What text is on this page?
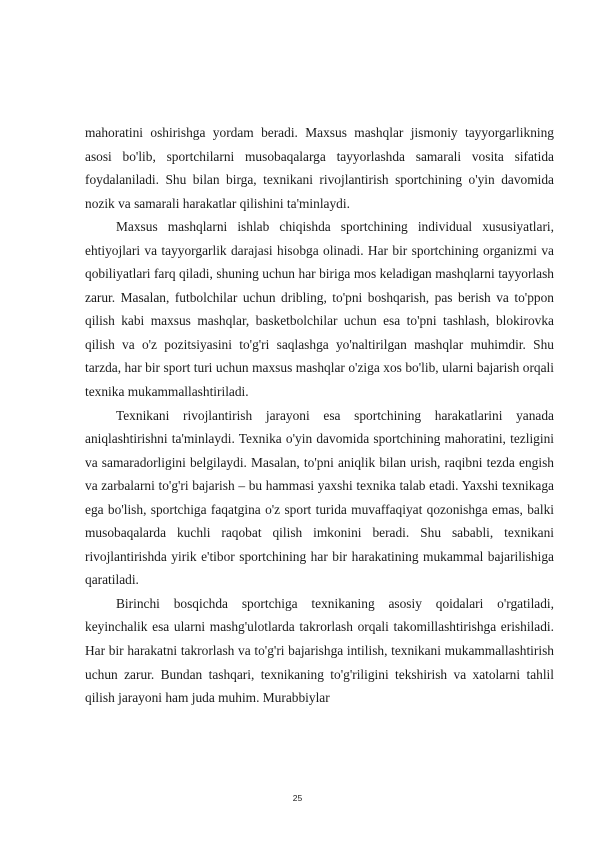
mahoratini oshirishga yordam beradi. Maxsus mashqlar jismoniy tayyorgarlikning asosi bo'lib, sportchilarni musobaqalarga tayyorlashda samarali vosita sifatida foydalaniladi. Shu bilan birga, texnikani rivojlantirish sportchining o'yin davomida nozik va samarali harakatlar qilishini ta'minlaydi.

Maxsus mashqlarni ishlab chiqishda sportchining individual xususiyatlari, ehtiyojlari va tayyorgarlik darajasi hisobga olinadi. Har bir sportchining organizmi va qobiliyatlari farq qiladi, shuning uchun har biriga mos keladigan mashqlarni tayyorlash zarur. Masalan, futbolchilar uchun dribling, to'pni boshqarish, pas berish va to'ppon qilish kabi maxsus mashqlar, basketbolchilar uchun esa to'pni tashlash, blokirovka qilish va o'z pozitsiyasini to'g'ri saqlashga yo'naltirilgan mashqlar muhimdir. Shu tarzda, har bir sport turi uchun maxsus mashqlar o'ziga xos bo'lib, ularni bajarish orqali texnika mukammallashtiriladi.

Texnikani rivojlantirish jarayoni esa sportchining harakatlarini yanada aniqlashtirishni ta'minlaydi. Texnika o'yin davomida sportchining mahoratini, tezligini va samaradorligini belgilaydi. Masalan, to'pni aniqlik bilan urish, raqibni tezda engish va zarbalarni to'g'ri bajarish – bu hammasi yaxshi texnika talab etadi. Yaxshi texnikaga ega bo'lish, sportchiga faqatgina o'z sport turida muvaffaqiyat qozonishga emas, balki musobaqalarda kuchli raqobat qilish imkonini beradi. Shu sababli, texnikani rivojlantirishda yirik e'tibor sportchining har bir harakatining mukammal bajarilishiga qaratiladi.

Birinchi bosqichda sportchiga texnikaning asosiy qoidalari o'rgatiladi, keyinchalik esa ularni mashg'ulotlarda takrorlash orqali takomillashtirishga erishiladi. Har bir harakatni takrorlash va to'g'ri bajarishga intilish, texnikani mukammallashtirish uchun zarur. Bundan tashqari, texnikaning to'g'riligini tekshirish va xatolarni tahlil qilish jarayoni ham juda muhim. Murabbiylar

25
